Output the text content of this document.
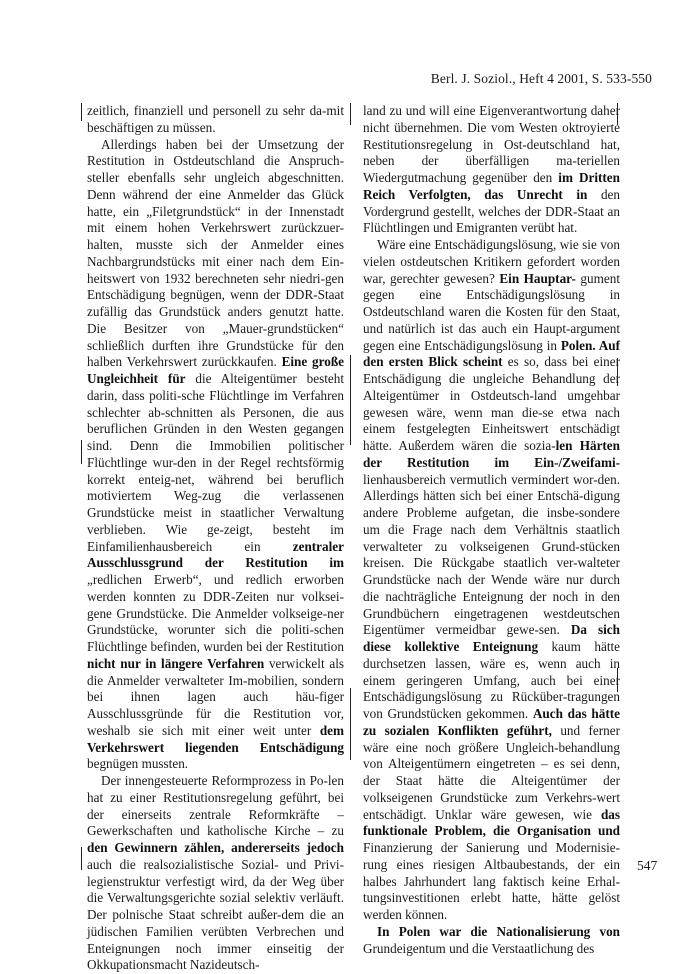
Berl. J. Soziol., Heft 4 2001, S. 533-550

zeitlich, finanziell und personell zu sehr da-mit beschäftigen zu müssen.

Allerdings haben bei der Umsetzung der Restitution in Ostdeutschland die Anspruch-steller ebenfalls sehr ungleich abgeschnitten. Denn während der eine Anmelder das Glück hatte, ein „Filetgrundstück“ in der Innenstadt mit einem hohen Verkehrswert zurückzuer-halten, musste sich der Anmelder eines Nachbargrundstücks mit einer nach dem Ein-heitswert von 1932 berechneten sehr niedri-gen Entschädigung begnügen, wenn der DDR-Staat zufällig das Grundstück anders genutzt hatte. Die Besitzer von „Mauer-grundstücken“ schließlich durften ihre Grundstücke für den halben Verkehrswert zurückkaufen. Eine große Ungleichheit für die Alteigentümer besteht darin, dass politi-sche Flüchtlinge im Verfahren schlechter ab-schnitten als Personen, die aus beruflichen Gründen in den Westen gegangen sind. Denn die Immobilien politischer Flüchtlinge wur-den in der Regel rechtsförmig korrekt enteig-net, während bei beruflich motiviertem Weg-zug die verlassenen Grundstücke meist in staatlicher Verwaltung verblieben. Wie ge-zeigt, besteht im Einfamilienhausbereich ein zentraler Ausschlussgrund der Restitution im „redlichen Erwerb“, und redlich erworben werden konnten zu DDR-Zeiten nur volksei-gene Grundstücke. Die Anmelder volkseige-ner Grundstücke, worunter sich die politi-schen Flüchtlinge befinden, wurden bei der Restitution nicht nur in längere Verfahren verwickelt als die Anmelder verwalteter Im-mobilien, sondern bei ihnen lagen auch häu-figer Ausschlussgründe für die Restitution vor, weshalb sie sich mit einer weit unter dem Verkehrswert liegenden Entschädigung begnügen mussten.

Der innengesteuerte Reformprozess in Po-len hat zu einer Restitutionsregelung geführt, bei der einerseits zentrale Reformkräfte – Gewerkschaften und katholische Kirche – zu den Gewinnern zählen, andererseits jedoch auch die realsozialistische Sozial- und Privi-legienstruktur verfestigt wird, da der Weg über die Verwaltungsgerichte sozial selektiv verläuft. Der polnische Staat schreibt außer-dem die an jüdischen Familien verübten Verbrechen und Enteignungen noch immer einseitig der Okkupationsmacht Nazideutsch-

land zu und will eine Eigenverantwortung daher nicht übernehmen. Die vom Westen oktroyierte Restitutionsregelung in Ost-deutschland hat, neben der überfälligen ma-teriellen Wiedergutmachung gegenüber den im Dritten Reich Verfolgten, das Unrecht in den Vordergrund gestellt, welches der DDR-Staat an Flüchtlingen und Emigranten verübt hat.

Wäre eine Entschädigungslösung, wie sie von vielen ostdeutschen Kritikern gefordert worden war, gerechter gewesen? Ein Hauptar- gument gegen eine Entschädigungslösung in Ostdeutschland waren die Kosten für den Staat, und natürlich ist das auch ein Haupt-argument gegen eine Entschädigungslösung in Polen. Auf den ersten Blick scheint es so, dass bei einer Entschädigung die ungleiche Behandlung der Alteigentümer in Ostdeutsch-land umgehbar gewesen wäre, wenn man die-se etwa nach einem festgelegten Einheitswert entschädigt hätte. Außerdem wären die sozia-len Härten der Restitution im Ein-/Zweifami- lienhausbereich vermutlich vermindert wor-den. Allerdings hätten sich bei einer Entschä-digung andere Probleme aufgetan, die insbe-sondere um die Frage nach dem Verhältnis staatlich verwalteter zu volkseigenen Grund-stücken kreisen. Die Rückgabe staatlich ver-walteter Grundstücke nach der Wende wäre nur durch die nachträgliche Enteignung der noch in den Grundbüchern eingetragenen westdeutschen Eigentümer vermeidbar gewe-sen. Da sich diese kollektive Enteignung kaum hätte durchsetzen lassen, wäre es, wenn auch in einem geringeren Umfang, auch bei einer Entschädigungslösung zu Rücküber-tragungen von Grundstücken gekommen. Auch das hätte zu sozialen Konflikten geführt, und ferner wäre eine noch größere Ungleich-behandlung von Alteigentümern eingetreten – es sei denn, der Staat hätte die Alteigentümer der volkseigenen Grundstücke zum Verkehrs-wert entschädigt. Unklar wäre gewesen, wie das funktionale Problem, die Organisation und Finanzierung der Sanierung und Modernisie-rung eines riesigen Altbaubestands, der ein halbes Jahrhundert lang faktisch keine Erhal-tungsinvestitionen erlebt hatte, hätte gelöst werden können.

In Polen war die Nationalisierung von Grundeigentum und die Verstaatlichung des

547
